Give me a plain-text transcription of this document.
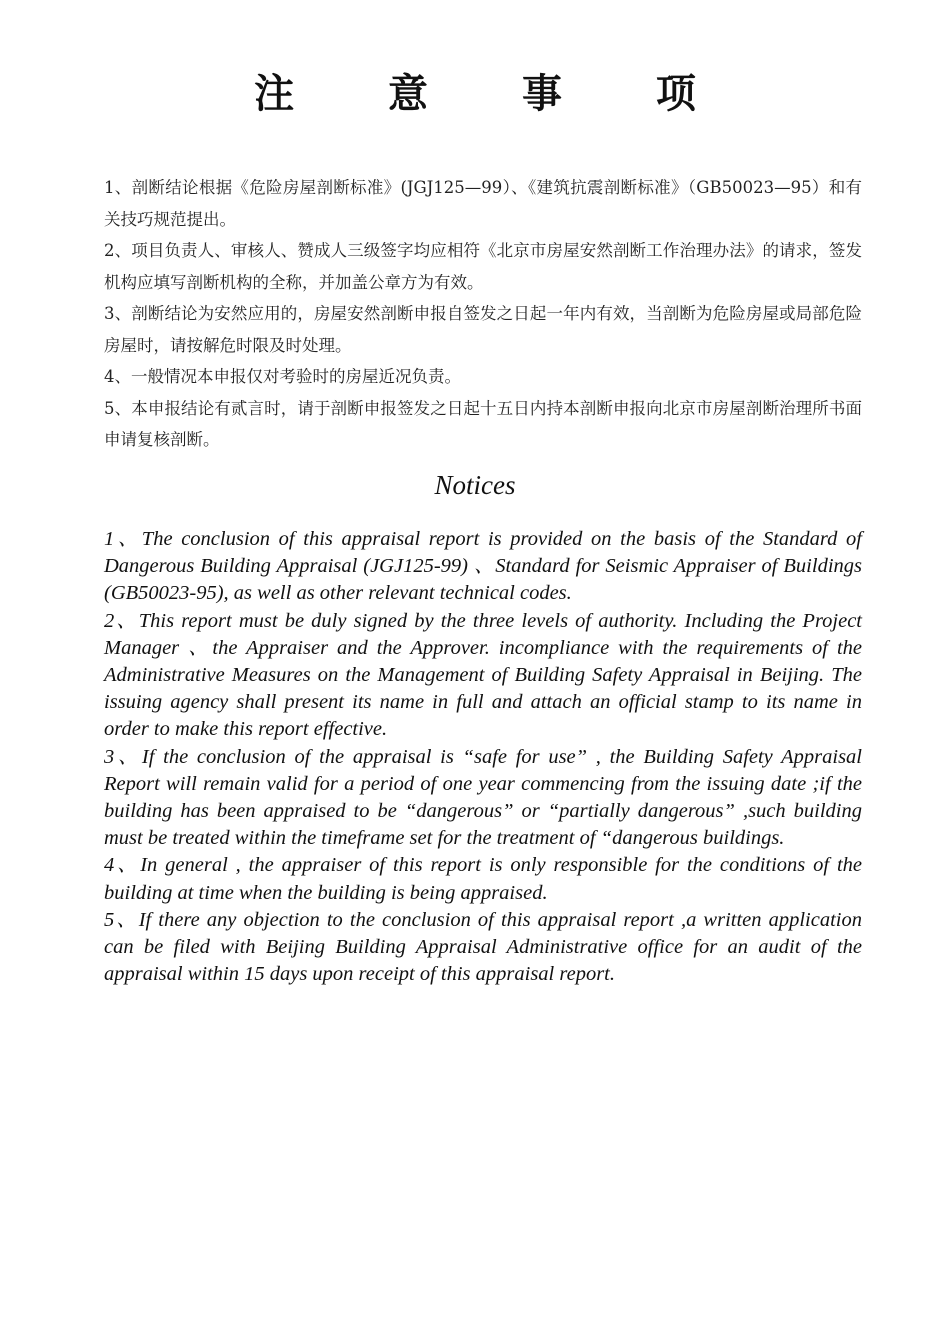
注 意 事 项

1、剖断结论根据《危险房屋剖断标准》(JGJ125—99）、《建筑抗震剖断标准》（GB50023—95）和有关技巧规范提出。

2、项目负责人、审核人、赞成人三级签字均应相符《北京市房屋安然剖断工作治理办法》的请求，签发机构应填写剖断机构的全称，并加盖公章方为有效。

3、剖断结论为安然应用的，房屋安然剖断申报自签发之日起一年内有效，当剖断为危险房屋或局部危险房屋时，请按解危时限及时处理。

4、一般情况本申报仅对考验时的房屋近况负责。

5、本申报结论有贰言时，请于剖断申报签发之日起十五日内持本剖断申报向北京市房屋剖断治理所书面申请复核剖断。

Notices

1、The conclusion of this appraisal report is provided on the basis of the Standard of Dangerous Building Appraisal (JGJ125-99) 、Standard for Seismic Appraiser of Buildings (GB50023-95), as well as other relevant technical codes.

2、This report must be duly signed by the three levels of authority. Including the Project Manager 、the Appraiser and the Approver. incompliance with the requirements of the Administrative Measures on the Management of Building Safety Appraisal in Beijing. The issuing agency shall present its name in full and attach an official stamp to its name in order to make this report effective.

3、If the conclusion of the appraisal is “safe for use” , the Building Safety Appraisal Report will remain valid for a period of one year commencing from the issuing date ;if the building has been appraised to be “dangerous” or “partially dangerous” ,such building must be treated within the timeframe set for the treatment of “dangerous buildings.

4、In general , the appraiser of this report is only responsible for the conditions of the building at time when the building is being appraised.

5、If there any objection to the conclusion of this appraisal report ,a written application can be filed with Beijing Building Appraisal Administrative office for an audit of the appraisal within 15 days upon receipt of this appraisal report.
